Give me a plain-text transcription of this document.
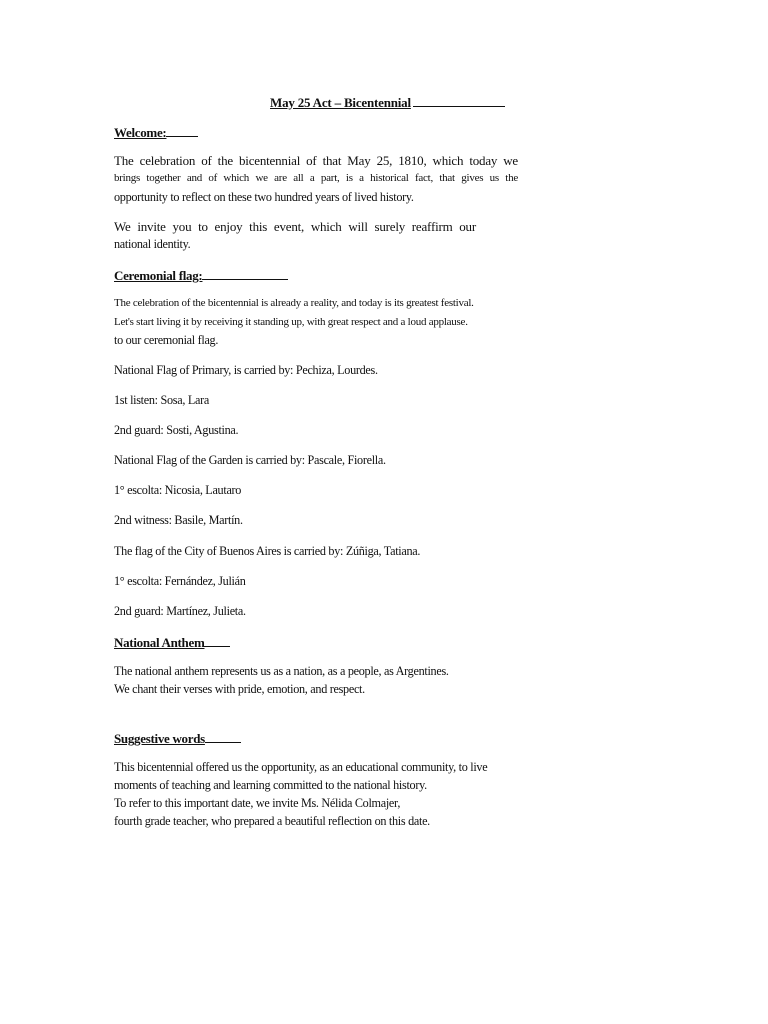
May 25 Act – Bicentennial

Welcome:

The celebration of the bicentennial of that May 25, 1810, which today we

brings together and of which we are all a part, is a historical fact, that gives us the

opportunity to reflect on these two hundred years of lived history.

We invite you to enjoy this event, which will surely reaffirm our

national identity.

Ceremonial flag:

The celebration of the bicentennial is already a reality, and today is its greatest festival.

Let's start living it by receiving it standing up, with great respect and a loud applause.

to our ceremonial flag.

National Flag of Primary, is carried by: Pechiza, Lourdes.

1st listen: Sosa, Lara

2nd guard: Sosti, Agustina.

National Flag of the Garden is carried by: Pascale, Fiorella.

1° escolta: Nicosia, Lautaro

2nd witness: Basile, Martín.

The flag of the City of Buenos Aires is carried by: Zúñiga, Tatiana.

1° escolta: Fernández, Julián

2nd guard: Martínez, Julieta.

National Anthem

The national anthem represents us as a nation, as a people, as Argentines.

We chant their verses with pride, emotion, and respect.

Suggestive words

This bicentennial offered us the opportunity, as an educational community, to live

moments of teaching and learning committed to the national history.

To refer to this important date, we invite Ms. Nélida Colmajer,

fourth grade teacher, who prepared a beautiful reflection on this date.
